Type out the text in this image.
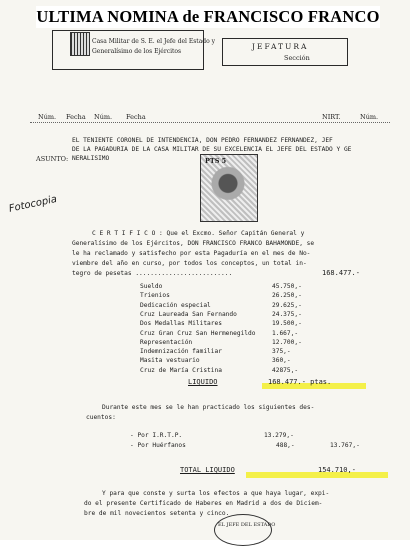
ULTIMA NOMINA de FRANCISCO FRANCO
Casa Militar de S. E. el Jefe del Estado y
Generalísimo de los Ejércitos
JEFATURA
Sección
Núm. Fecha Núm. Fecha	NIRT.	Núm.
EL TENIENTE CORONEL DE INTENDENCIA, DON PEDRO FERNANDEZ FERNANDEZ, JEF
DE LA PAGADURIA DE LA CASA MILITAR DE SU EXCELENCIA EL JEFE DEL ESTADO Y GE
ASUNTO: NERALISIMO	PTS 5
Fotocopia
C E R T I F I C O : Que el Excmo. Señor Capitán General y
Generalísimo de los Ejércitos, DON FRANCISCO FRANCO BAHAMONDE, se
le ha reclamado y satisfecho por esta Pagaduría en el mes de No-
viembre del año en curso, por todos los conceptos, un total in-
tegro de pesetas ..........................	168.477.-
Sueldo	45.750,-
Trienios	26.250,-
Dedicación especial	29.625,-
Cruz Laureada San Fernando	24.375,-
Dos Medallas Militares	19.500,-
Cruz Gran Cruz San Hermenegildo	1.667,-
Representación	12.700,-
Indemnización familiar	375,-
Masita vestuario	360,-
Cruz de María Cristina	42875,-
LIQUIDO	168.477.- ptas.
Durante este mes se le han practicado los siguientes des-
cuentos:
- Por I.R.T.P.	13.279,-
- Por Huérfanos	488,-	13.767,-
TOTAL LIQUIDO	154.710,-
Y para que conste y surta los efectos a que haya lugar, expi-
do el presente Certificado de Haberes en Madrid a dos de Diciem-
bre de mil novecientos setenta y cinco.
EL JEFE DEL ESTADO
